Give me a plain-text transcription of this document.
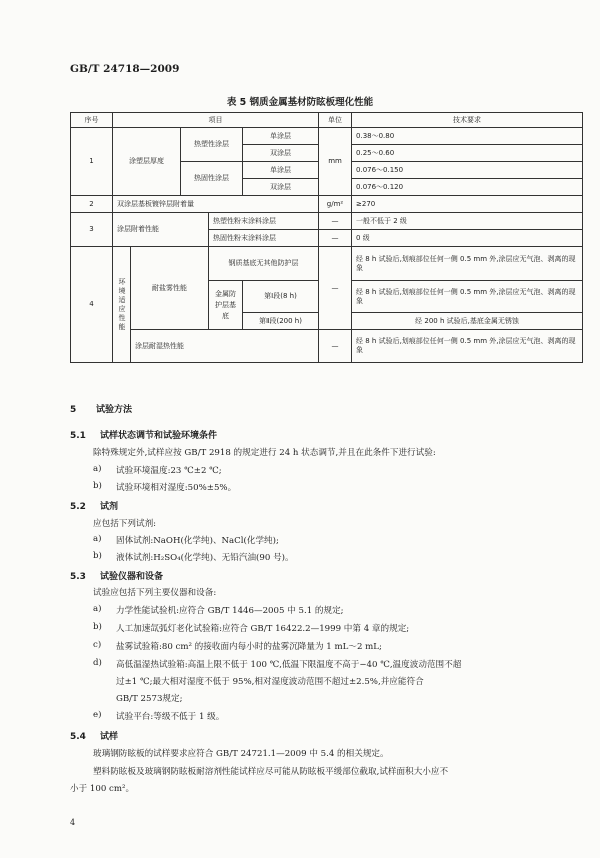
GB/T 24718—2009
表 5 钢质金属基材防眩板理化性能
序号	项目					单位	技术要求
1	涂塑层厚度		热塑性涂层		单涂层	mm	0.38～0.80
					双涂层		0.25～0.60
			热固性涂层		单涂层		0.076～0.150
					双涂层		0.076～0.120
2	双涂层基板镀锌层附着量					g/m²	≥270
3	涂层附着性能			热塑性粉末涂料涂层		—	一般不低于 2 级
				热固性粉末涂料涂层		—	0 级
4	环境适应性能	耐盐雾性能		钢质基底无其他防护层		—	经 8 h 试验后,划痕部位任何一侧 0.5 mm 外,涂层应无气泡、剥离的现象

				金属防护层基底	第Ⅰ段(8 h)		经 8 h 试验后,划痕部位任何一侧 0.5 mm 外,涂层应无气泡、剥离的现象

					第Ⅱ段(200 h)		经 200 h 试验后,基底金属无锈蚀
		涂层耐湿热性能				—	经 8 h 试验后,划痕部位任何一侧 0.5 mm 外,涂层应无气泡、剥离的现象
5 试验方法
5.1 试样状态调节和试验环境条件
除特殊规定外,试样应按 GB/T 2918 的规定进行 24 h 状态调节,并且在此条件下进行试验:
a) 试验环境温度:23 ℃±2 ℃;
b) 试验环境相对湿度:50%±5%。
5.2 试剂
应包括下列试剂:
a) 固体试剂:NaOH(化学纯)、NaCl(化学纯);
b) 液体试剂:H₂SO₄(化学纯)、无铅汽油(90 号)。
5.3 试验仪器和设备
试验应包括下列主要仪器和设备:
a) 力学性能试验机:应符合 GB/T 1446—2005 中 5.1 的规定;
b) 人工加速氙弧灯老化试验箱:应符合 GB/T 16422.2—1999 中第 4 章的规定;
c) 盐雾试验箱:80 cm² 的接收面内每小时的盐雾沉降量为 1 mL～2 mL;
d) 高低温湿热试验箱:高温上限不低于 100 ℃,低温下限温度不高于−40 ℃,温度波动范围不超
过±1 ℃;最大相对湿度不低于 95%,相对湿度波动范围不超过±2.5%,并应能符合
GB/T 2573规定;
e) 试验平台:等级不低于 1 级。
5.4 试样
玻璃钢防眩板的试样要求应符合 GB/T 24721.1—2009 中 5.4 的相关规定。
塑料防眩板及玻璃钢防眩板耐溶剂性能试样应尽可能从防眩板平缓部位截取,试样面积大小应不
小于 100 cm²。
4
